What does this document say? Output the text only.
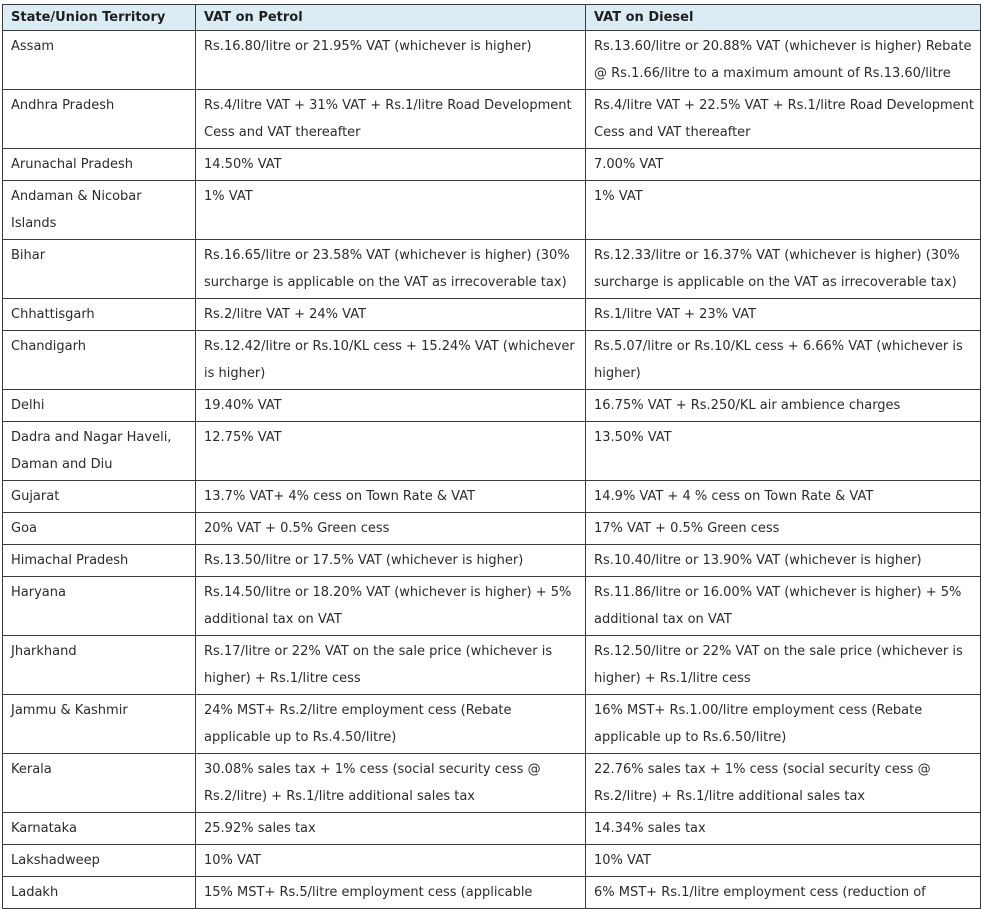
State/Union Territory	VAT on Petrol	VAT on Diesel
Assam	Rs.16.80/litre or 21.95% VAT (whichever is higher)	Rs.13.60/litre or 20.88% VAT (whichever is higher) Rebate @ Rs.1.66/litre to a maximum amount of Rs.13.60/litre
Andhra Pradesh	Rs.4/litre VAT + 31% VAT + Rs.1/litre Road Development Cess and VAT thereafter	Rs.4/litre VAT + 22.5% VAT + Rs.1/litre Road Development Cess and VAT thereafter
Arunachal Pradesh	14.50% VAT	7.00% VAT
Andaman & Nicobar Islands	1% VAT	1% VAT
Bihar	Rs.16.65/litre or 23.58% VAT (whichever is higher) (30% surcharge is applicable on the VAT as irrecoverable tax)	Rs.12.33/litre or 16.37% VAT (whichever is higher) (30% surcharge is applicable on the VAT as irrecoverable tax)
Chhattisgarh	Rs.2/litre VAT + 24% VAT	Rs.1/litre VAT + 23% VAT
Chandigarh	Rs.12.42/litre or Rs.10/KL cess + 15.24% VAT (whichever is higher)	Rs.5.07/litre or Rs.10/KL cess + 6.66% VAT (whichever is higher)
Delhi	19.40% VAT	16.75% VAT + Rs.250/KL air ambience charges
Dadra and Nagar Haveli, Daman and Diu	12.75% VAT	13.50% VAT
Gujarat	13.7% VAT+ 4% cess on Town Rate & VAT	14.9% VAT + 4 % cess on Town Rate & VAT
Goa	20% VAT + 0.5% Green cess	17% VAT + 0.5% Green cess
Himachal Pradesh	Rs.13.50/litre or 17.5% VAT (whichever is higher)	Rs.10.40/litre or 13.90% VAT (whichever is higher)
Haryana	Rs.14.50/litre or 18.20% VAT (whichever is higher) + 5% additional tax on VAT	Rs.11.86/litre or 16.00% VAT (whichever is higher) + 5% additional tax on VAT
Jharkhand	Rs.17/litre or 22% VAT on the sale price (whichever is higher) + Rs.1/litre cess	Rs.12.50/litre or 22% VAT on the sale price (whichever is higher) + Rs.1/litre cess
Jammu & Kashmir	24% MST+ Rs.2/litre employment cess (Rebate applicable up to Rs.4.50/litre)	16% MST+ Rs.1.00/litre employment cess (Rebate applicable up to Rs.6.50/litre)
Kerala	30.08% sales tax + 1% cess (social security cess @ Rs.2/litre) + Rs.1/litre additional sales tax	22.76% sales tax + 1% cess (social security cess @ Rs.2/litre) + Rs.1/litre additional sales tax
Karnataka	25.92% sales tax	14.34% sales tax
Lakshadweep	10% VAT	10% VAT
Ladakh	15% MST+ Rs.5/litre employment cess (applicable	6% MST+ Rs.1/litre employment cess (reduction of
